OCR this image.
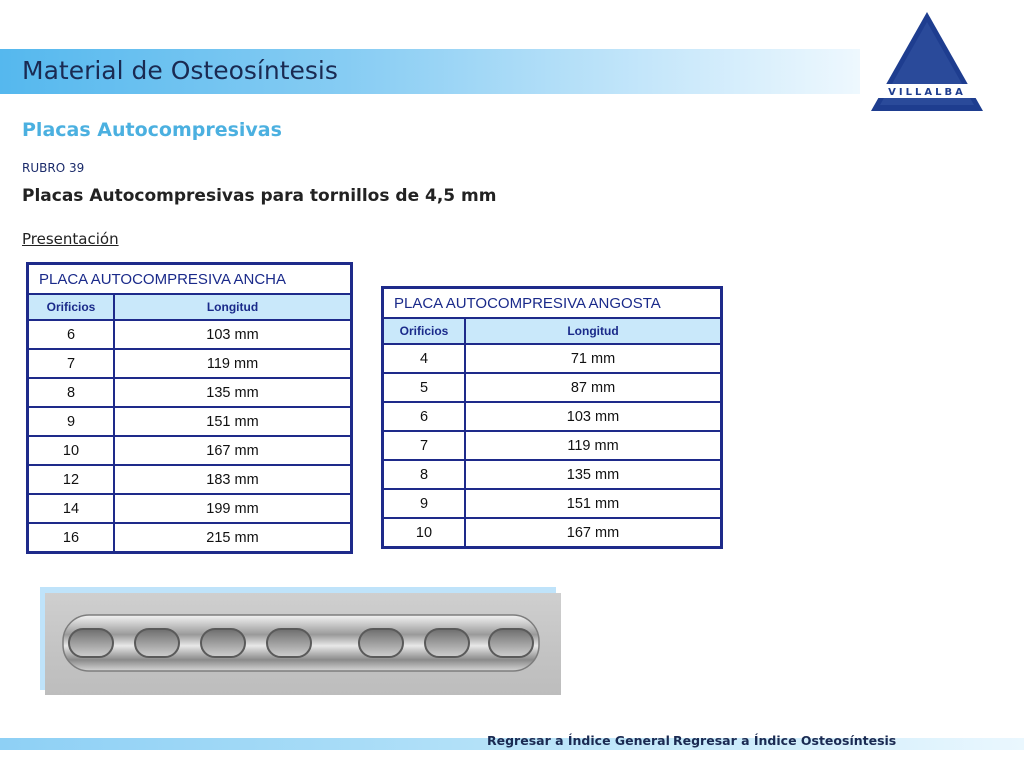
Material de Osteosíntesis
VILLALBA
Placas Autocompresivas
RUBRO 39
Placas Autocompresivas para tornillos de 4,5 mm
Presentación
PLACA AUTOCOMPRESIVA ANCHA	
Orificios	Longitud
6	103 mm
7	119 mm
8	135 mm
9	151 mm
10	167 mm
12	183 mm
14	199 mm
16	215 mm
PLACA AUTOCOMPRESIVA ANGOSTA	
Orificios	Longitud
4	71 mm
5	87 mm
6	103 mm
7	119 mm
8	135 mm
9	151 mm
10	167 mm
Regresar a Índice General Regresar a Índice Osteosíntesis
